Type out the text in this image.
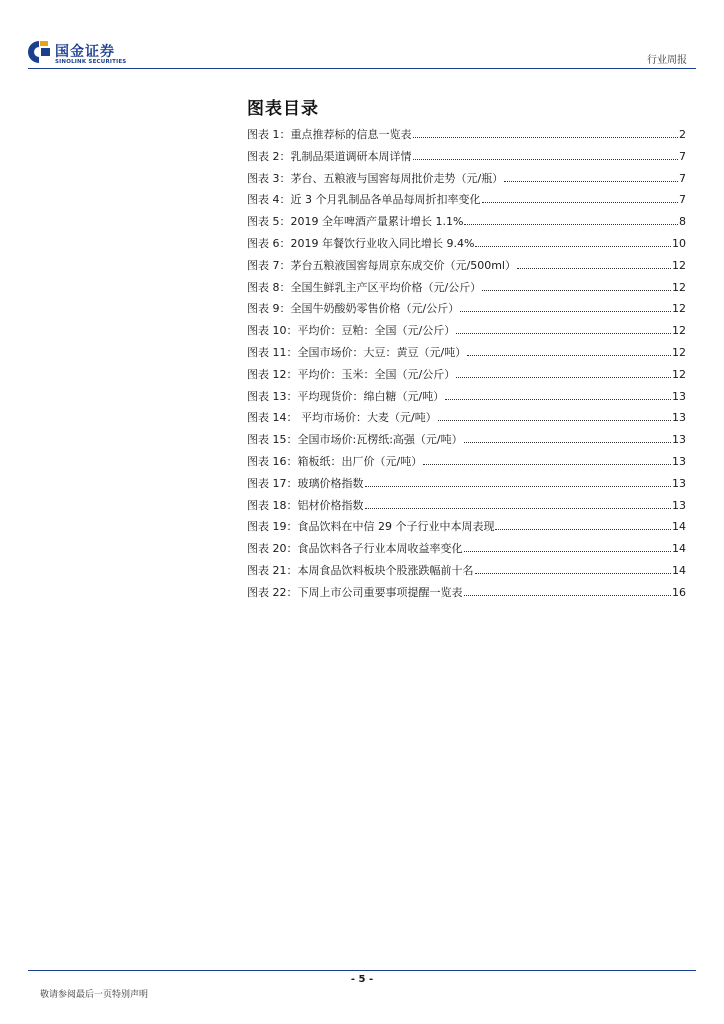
国金证券
SINOLINK SECURITIES	行业周报
图表目录
图表 1：重点推荐标的信息一览表	2
图表 2：乳制品渠道调研本周详情	7
图表 3：茅台、五粮液与国窖每周批价走势（元/瓶）	7
图表 4：近 3 个月乳制品各单品每周折扣率变化	7
图表 5：2019 全年啤酒产量累计增长 1.1%	8
图表 6：2019 年餐饮行业收入同比增长 9.4%	10
图表 7：茅台五粮液国窖每周京东成交价（元/500ml）	12
图表 8：全国生鲜乳主产区平均价格（元/公斤）	12
图表 9：全国牛奶酸奶零售价格（元/公斤）	12
图表 10：平均价：豆粕：全国（元/公斤）	12
图表 11：全国市场价：大豆：黄豆（元/吨）	12
图表 12：平均价：玉米：全国（元/公斤）	12
图表 13：平均现货价：绵白糖（元/吨）	13
图表 14： 平均市场价：大麦（元/吨）	13
图表 15：全国市场价:瓦楞纸:高强（元/吨）	13
图表 16：箱板纸：出厂价（元/吨）	13
图表 17：玻璃价格指数	13
图表 18：铝材价格指数	13
图表 19：食品饮料在中信 29 个子行业中本周表现	14
图表 20：食品饮料各子行业本周收益率变化	14
图表 21：本周食品饮料板块个股涨跌幅前十名	14
图表 22：下周上市公司重要事项提醒一览表	16
- 5 -
敬请参阅最后一页特别声明
